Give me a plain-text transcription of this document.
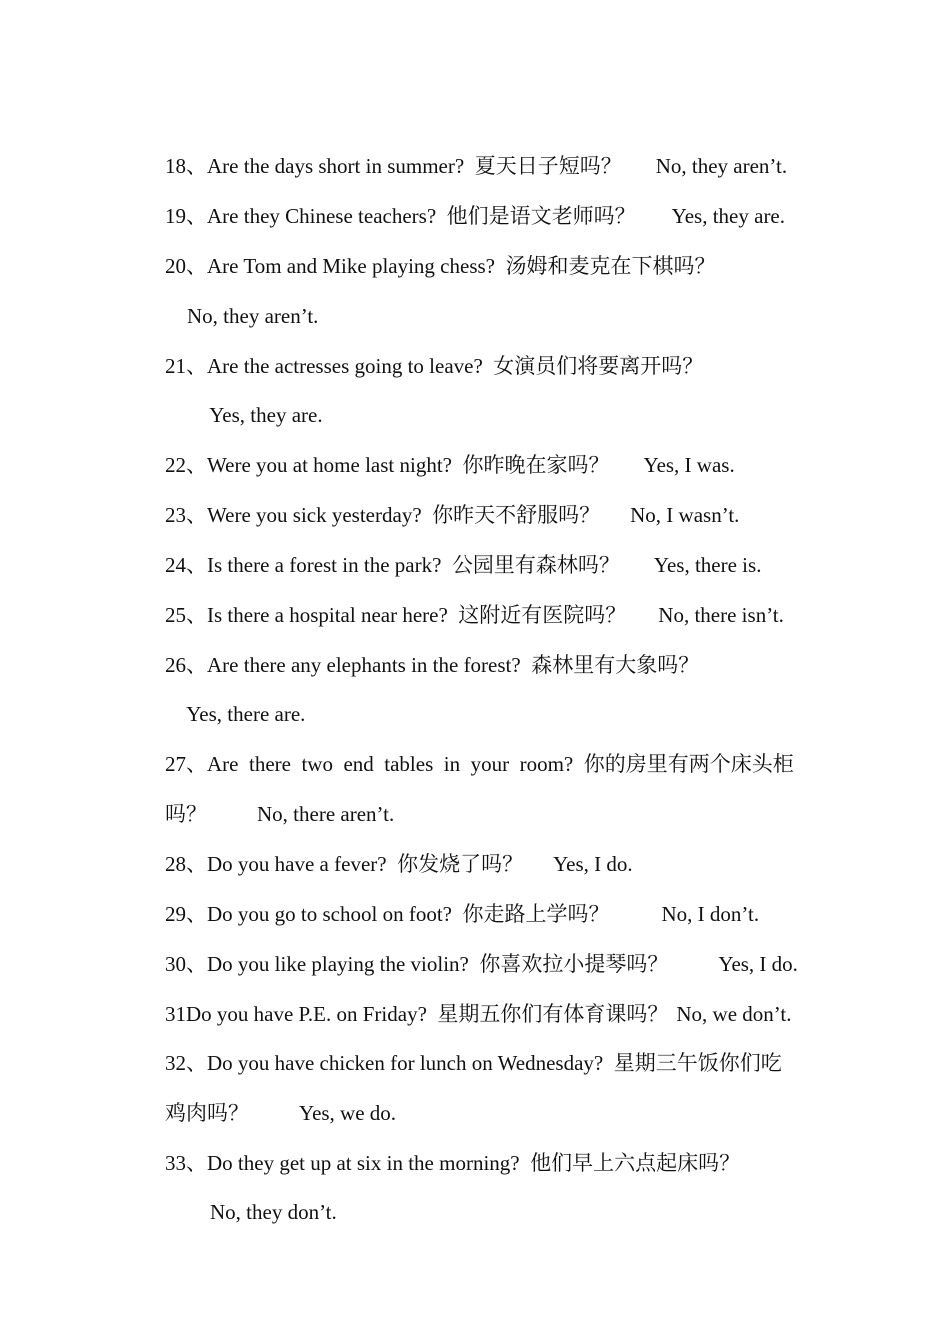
18、Are the days short in summer?  夏天日子短吗？ No, they aren’t.

19、Are they Chinese teachers?  他们是语文老师吗？ Yes, they are.

20、Are Tom and Mike playing chess?  汤姆和麦克在下棋吗？

No, they aren’t.

21、Are the actresses going to leave?  女演员们将要离开吗？

Yes, they are.

22、Were you at home last night?  你昨晚在家吗？ Yes, I was.

23、Were you sick yesterday?  你昨天不舒服吗？ No, I wasn’t.

24、Is there a forest in the park?  公园里有森林吗？ Yes, there is.

25、Is there a hospital near here?  这附近有医院吗？ No, there isn’t.

26、Are there any elephants in the forest?  森林里有大象吗？

Yes, there are.

27、Are  there  two  end  tables  in  your  room?  你的房里有两个床头柜

吗？ No, there aren’t.

28、Do you have a fever?  你发烧了吗？ Yes, I do.

29、Do you go to school on foot?  你走路上学吗？ No, I don’t.

30、Do you like playing the violin?  你喜欢拉小提琴吗？ Yes, I do.

31Do you have P.E. on Friday?  星期五你们有体育课吗？ No, we don’t.

32、Do you have chicken for lunch on Wednesday?  星期三午饭你们吃

鸡肉吗？ Yes, we do.

33、Do they get up at six in the morning?  他们早上六点起床吗？

No, they don’t.
